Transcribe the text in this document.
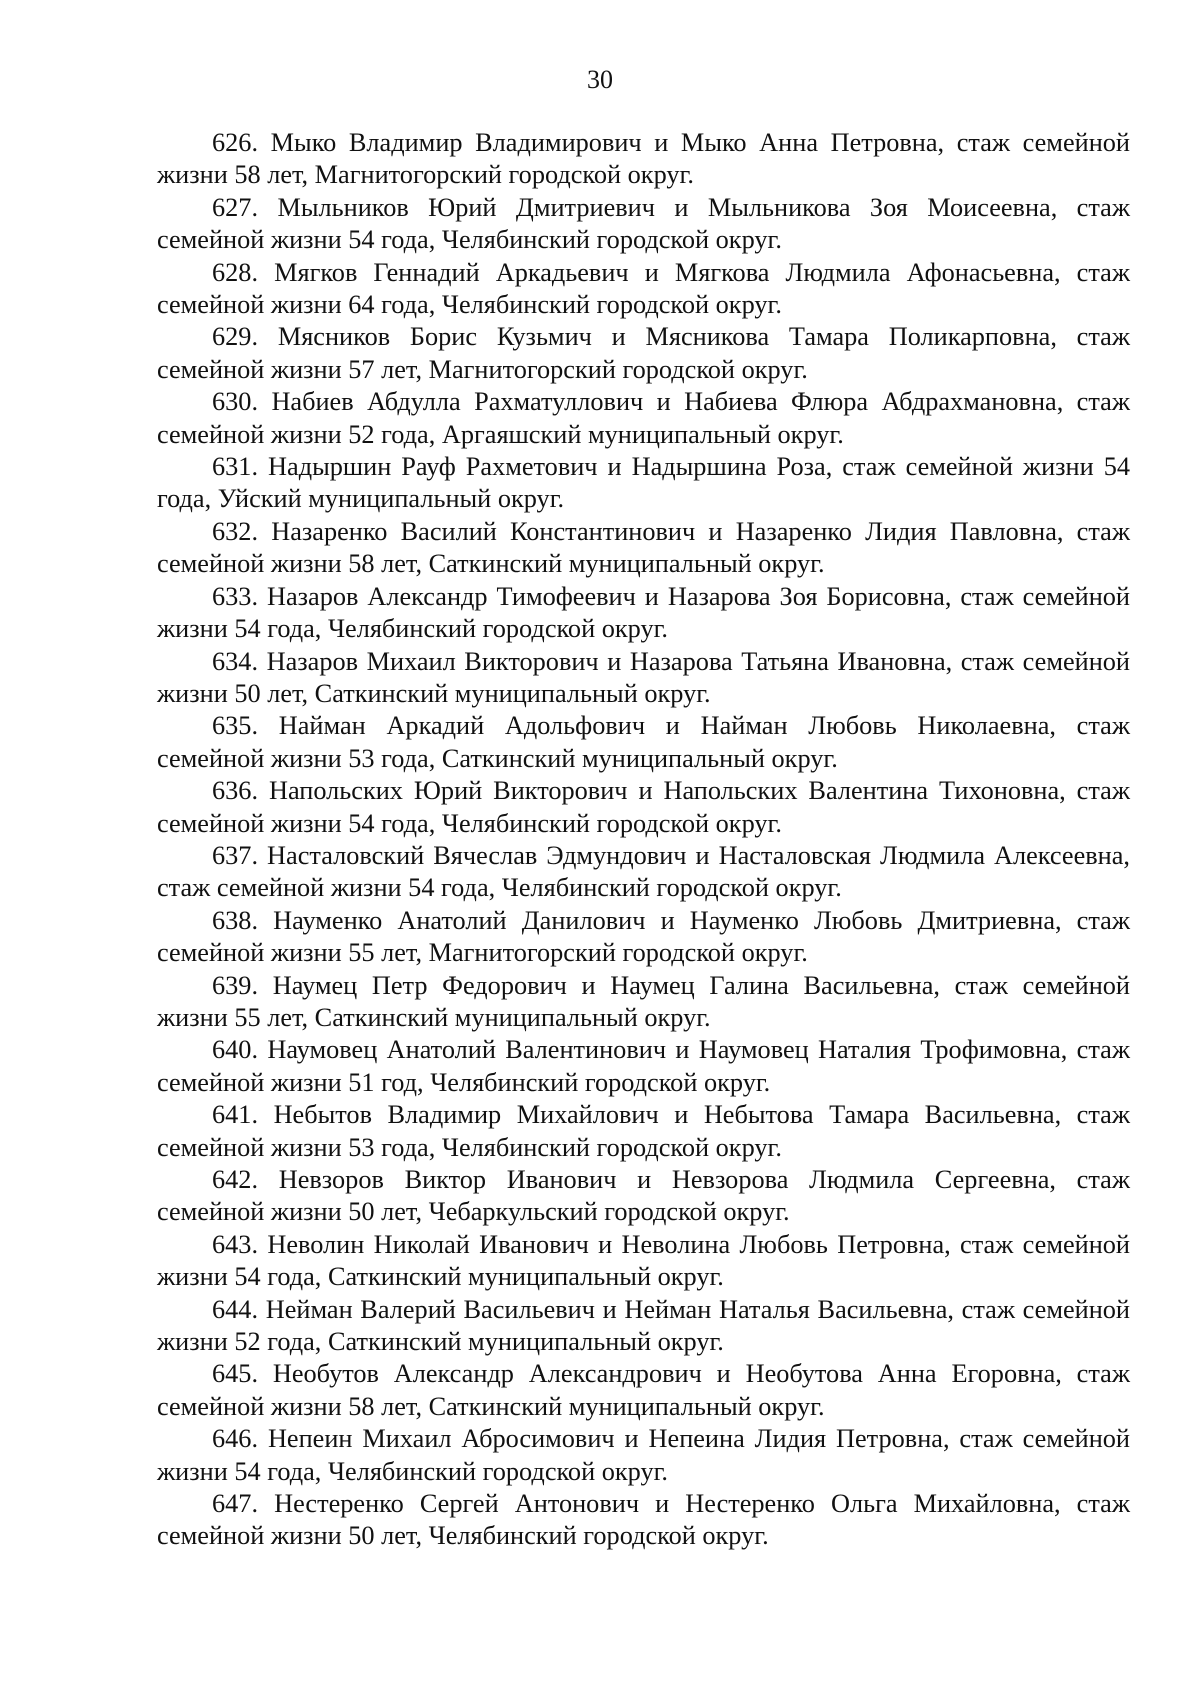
30

626. Мыко Владимир Владимирович и Мыко Анна Петровна, стаж семейной жизни 58 лет, Магнитогорский городской округ.

627. Мыльников Юрий Дмитриевич и Мыльникова Зоя Моисеевна, стаж семейной жизни 54 года, Челябинский городской округ.

628. Мягков Геннадий Аркадьевич и Мягкова Людмила Афонасьевна, стаж семейной жизни 64 года, Челябинский городской округ.

629. Мясников Борис Кузьмич и Мясникова Тамара Поликарповна, стаж семейной жизни 57 лет, Магнитогорский городской округ.

630. Набиев Абдулла Рахматуллович и Набиева Флюра Абдрахмановна, стаж семейной жизни 52 года, Аргаяшский муниципальный округ.

631. Надыршин Рауф Рахметович и Надыршина Роза, стаж семейной жизни 54 года, Уйский муниципальный округ.

632. Назаренко Василий Константинович и Назаренко Лидия Павловна, стаж семейной жизни 58 лет, Саткинский муниципальный округ.

633. Назаров Александр Тимофеевич и Назарова Зоя Борисовна, стаж семейной жизни 54 года, Челябинский городской округ.

634. Назаров Михаил Викторович и Назарова Татьяна Ивановна, стаж семейной жизни 50 лет, Саткинский муниципальный округ.

635. Найман Аркадий Адольфович и Найман Любовь Николаевна, стаж семейной жизни 53 года, Саткинский муниципальный округ.

636. Напольских Юрий Викторович и Напольских Валентина Тихоновна, стаж семейной жизни 54 года, Челябинский городской округ.

637. Насталовский Вячеслав Эдмундович и Насталовская Людмила Алексеевна, стаж семейной жизни 54 года, Челябинский городской округ.

638. Науменко Анатолий Данилович и Науменко Любовь Дмитриевна, стаж семейной жизни 55 лет, Магнитогорский городской округ.

639. Наумец Петр Федорович и Наумец Галина Васильевна, стаж семейной жизни 55 лет, Саткинский муниципальный округ.

640. Наумовец Анатолий Валентинович и Наумовец Наталия Трофимовна, стаж семейной жизни 51 год, Челябинский городской округ.

641. Небытов Владимир Михайлович и Небытова Тамара Васильевна, стаж семейной жизни 53 года, Челябинский городской округ.

642. Невзоров Виктор Иванович и Невзорова Людмила Сергеевна, стаж семейной жизни 50 лет, Чебаркульский городской округ.

643. Неволин Николай Иванович и Неволина Любовь Петровна, стаж семейной жизни 54 года, Саткинский муниципальный округ.

644. Нейман Валерий Васильевич и Нейман Наталья Васильевна, стаж семейной жизни 52 года, Саткинский муниципальный округ.

645. Необутов Александр Александрович и Необутова Анна Егоровна, стаж семейной жизни 58 лет, Саткинский муниципальный округ.

646. Непеин Михаил Абросимович и Непеина Лидия Петровна, стаж семейной жизни 54 года, Челябинский городской округ.

647. Нестеренко Сергей Антонович и Нестеренко Ольга Михайловна, стаж семейной жизни 50 лет, Челябинский городской округ.
